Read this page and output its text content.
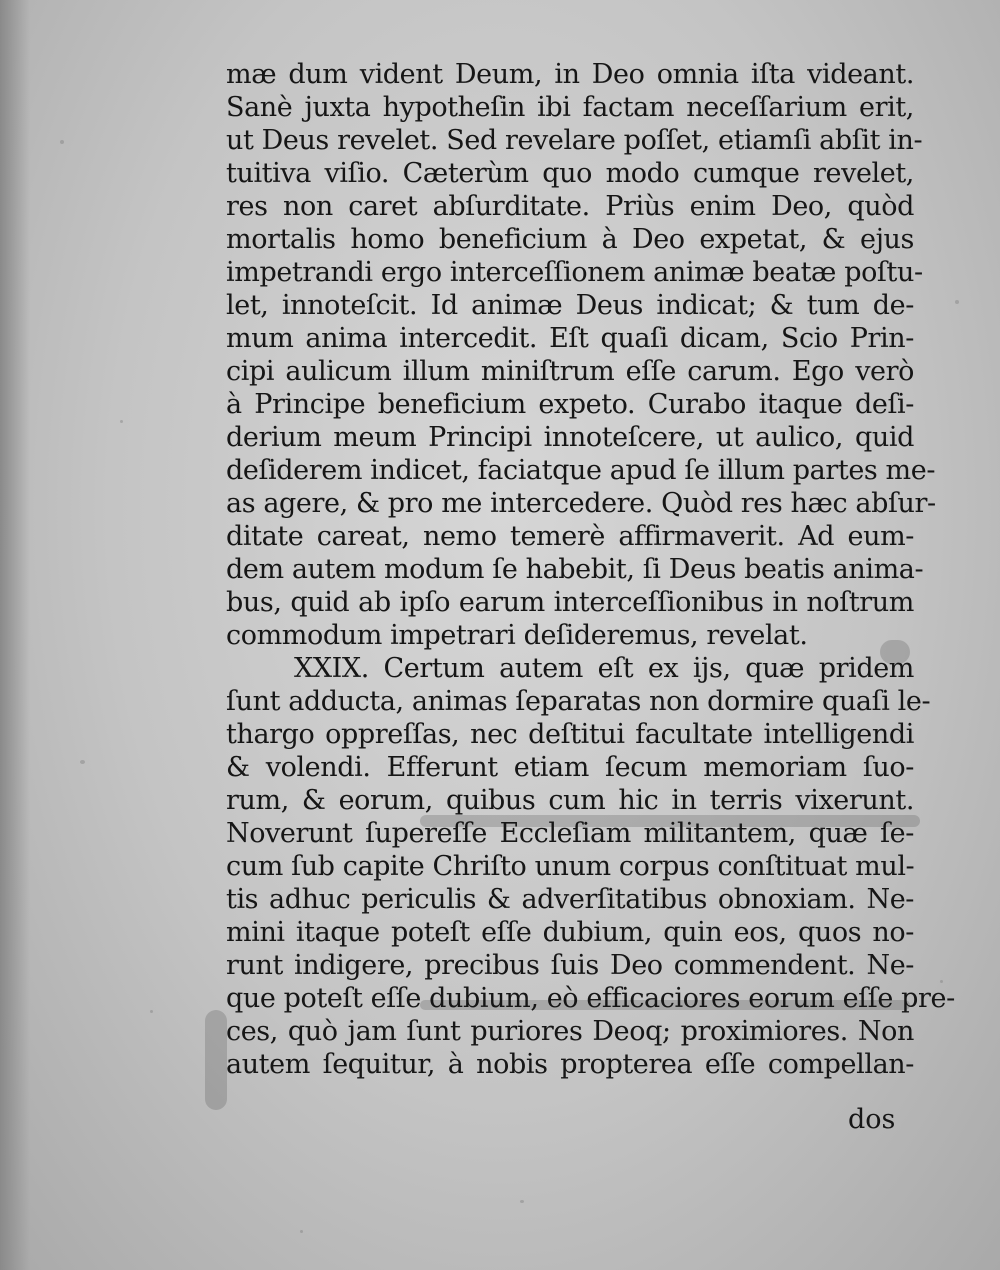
mæ dum vident Deum, in Deo omnia iſta videant.
Sanè juxta hypotheſin ibi factam neceſſarium erit,
ut Deus revelet. Sed revelare poſſet, etiamſi abſit in-
tuitiva viſio. Cæterùm quo modo cumque revelet,
res non caret abſurditate. Priùs enim Deo, quòd
mortalis homo beneficium à Deo expetat, & ejus
impetrandi ergo interceſſionem animæ beatæ poſtu-
let, innoteſcit. Id animæ Deus indicat; & tum de-
mum anima intercedit. Eſt quaſi dicam, Scio Prin-
cipi aulicum illum miniſtrum eſſe carum. Ego verò
à Principe beneficium expeto. Curabo itaque deſi-
derium meum Principi innoteſcere, ut aulico, quid
deſiderem indicet, faciatque apud ſe illum partes me-
as agere, & pro me intercedere. Quòd res hæc abſur-
ditate careat, nemo temerè affirmaverit. Ad eum-
dem autem modum ſe habebit, ſi Deus beatis anima-
bus, quid ab ipſo earum interceſſionibus in noſtrum
commodum impetrari deſideremus, revelat.
XXIX. Certum autem eſt ex ijs, quæ pridem
ſunt adducta, animas ſeparatas non dormire quaſi le-
thargo oppreſſas, nec deſtitui facultate intelligendi
& volendi. Efferunt etiam ſecum memoriam ſuo-
rum, & eorum, quibus cum hic in terris vixerunt.
Noverunt ſupereſſe Eccleſiam militantem, quæ ſe-
cum ſub capite Chriſto unum corpus conſtituat mul-
tis adhuc periculis & adverſitatibus obnoxiam. Ne-
mini itaque poteſt eſſe dubium, quin eos, quos no-
runt indigere, precibus ſuis Deo commendent. Ne-
que poteſt eſſe dubium, eò efficaciores eorum eſſe pre-
ces, quò jam ſunt puriores Deoq; proximiores. Non
autem ſequitur, à nobis propterea eſſe compellan-
dos
